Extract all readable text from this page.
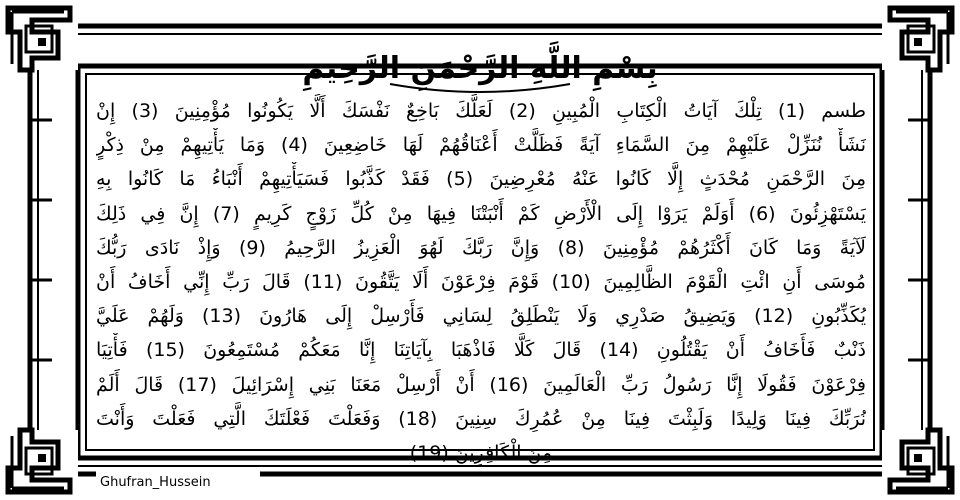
بِسْمِ اللَّهِ الرَّحْمَنِ الرَّحِيمِ
طسم (1) تِلْكَ آيَاتُ الْكِتَابِ الْمُبِينِ (2) لَعَلَّكَ بَاخِعٌ نَفْسَكَ أَلَّا يَكُونُوا مُؤْمِنِينَ (3) إِنْ
نَشَأْ نُنَزِّلْ عَلَيْهِمْ مِنَ السَّمَاءِ آيَةً فَظَلَّتْ أَعْنَاقُهُمْ لَهَا خَاضِعِينَ (4) وَمَا يَأْتِيهِمْ مِنْ ذِكْرٍ
مِنَ الرَّحْمَنِ مُحْدَثٍ إِلَّا كَانُوا عَنْهُ مُعْرِضِينَ (5) فَقَدْ كَذَّبُوا فَسَيَأْتِيهِمْ أَنْبَاءُ مَا كَانُوا بِهِ
يَسْتَهْزِئُونَ (6) أَوَلَمْ يَرَوْا إِلَى الْأَرْضِ كَمْ أَنْبَتْنَا فِيهَا مِنْ كُلِّ زَوْجٍ كَرِيمٍ (7) إِنَّ فِي ذَلِكَ
لَآيَةً وَمَا كَانَ أَكْثَرُهُمْ مُؤْمِنِينَ (8) وَإِنَّ رَبَّكَ لَهُوَ الْعَزِيزُ الرَّحِيمُ (9) وَإِذْ نَادَى رَبُّكَ
مُوسَى أَنِ ائْتِ الْقَوْمَ الظَّالِمِينَ (10) قَوْمَ فِرْعَوْنَ أَلَا يَتَّقُونَ (11) قَالَ رَبِّ إِنِّي أَخَافُ أَنْ
يُكَذِّبُونِ (12) وَيَضِيقُ صَدْرِي وَلَا يَنْطَلِقُ لِسَانِي فَأَرْسِلْ إِلَى هَارُونَ (13) وَلَهُمْ عَلَيَّ
ذَنْبٌ فَأَخَافُ أَنْ يَقْتُلُونِ (14) قَالَ كَلَّا فَاذْهَبَا بِآيَاتِنَا إِنَّا مَعَكُمْ مُسْتَمِعُونَ (15) فَأْتِيَا
فِرْعَوْنَ فَقُولَا إِنَّا رَسُولُ رَبِّ الْعَالَمِينَ (16) أَنْ أَرْسِلْ مَعَنَا بَنِي إِسْرَائِيلَ (17) قَالَ أَلَمْ
نُرَبِّكَ فِينَا وَلِيدًا وَلَبِثْتَ فِينَا مِنْ عُمُرِكَ سِنِينَ (18) وَفَعَلْتَ فَعْلَتَكَ الَّتِي فَعَلْتَ وَأَنْتَ
مِنَ الْكَافِرِينَ (19)
Ghufran_Hussein
